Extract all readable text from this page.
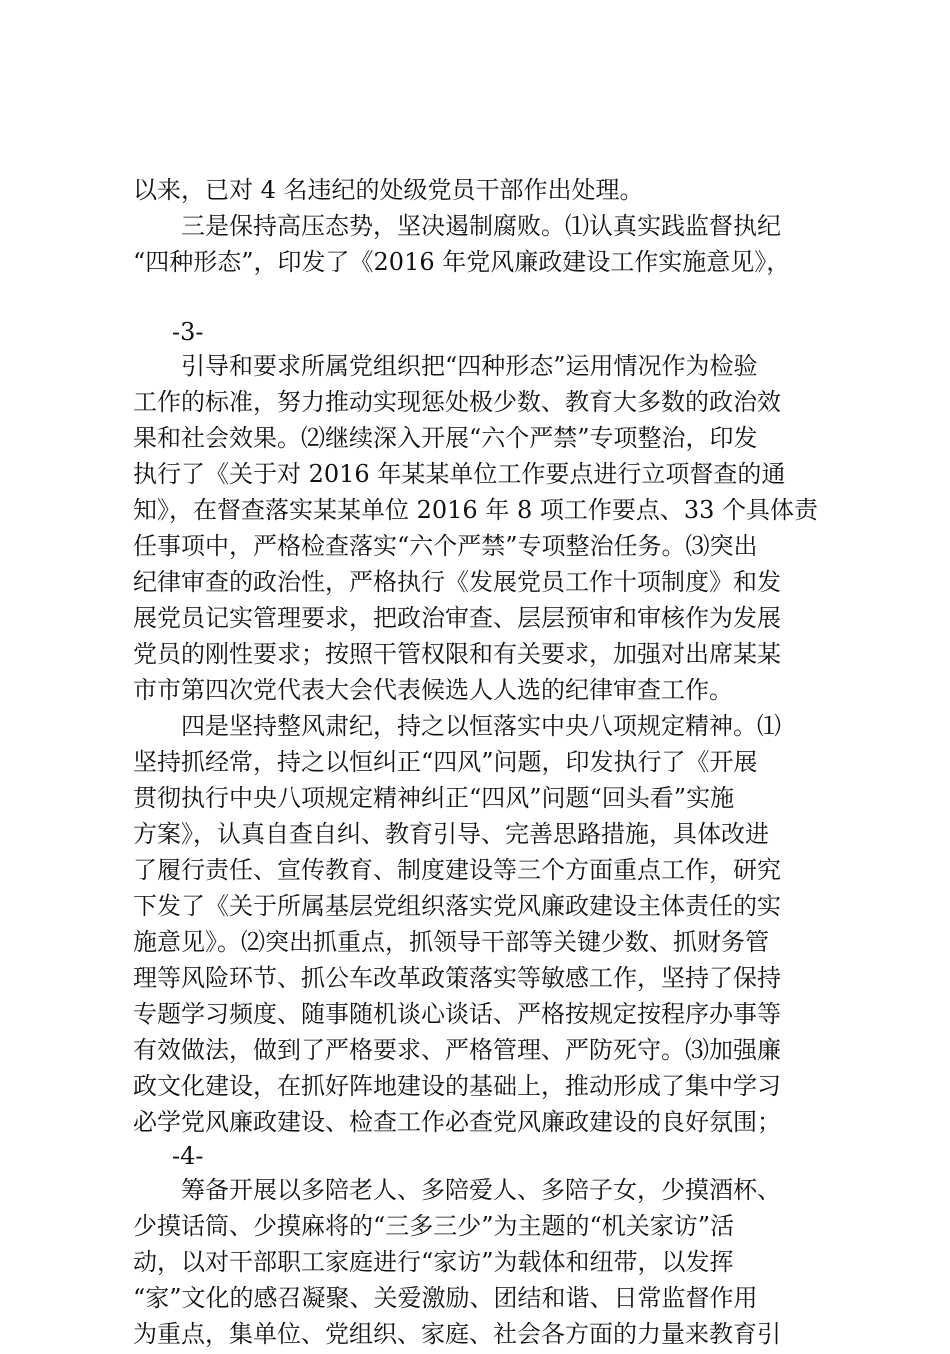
以来，已对 4 名违纪的处级党员干部作出处理。
三是保持高压态势，坚决遏制腐败。⑴认真实践监督执纪
“四种形态”，印发了《2016 年党风廉政建设工作实施意见》，
-3-
引导和要求所属党组织把“四种形态”运用情况作为检验
工作的标准，努力推动实现惩处极少数、教育大多数的政治效
果和社会效果。⑵继续深入开展“六个严禁”专项整治，印发
执行了《关于对 2016 年某某单位工作要点进行立项督查的通
知》，在督查落实某某单位 2016 年 8 项工作要点、33 个具体责
任事项中，严格检查落实“六个严禁”专项整治任务。⑶突出
纪律审查的政治性，严格执行《发展党员工作十项制度》和发
展党员记实管理要求，把政治审查、层层预审和审核作为发展
党员的刚性要求；按照干管权限和有关要求，加强对出席某某
市市第四次党代表大会代表候选人人选的纪律审查工作。
四是坚持整风肃纪，持之以恒落实中央八项规定精神。⑴
坚持抓经常，持之以恒纠正“四风”问题，印发执行了《开展
贯彻执行中央八项规定精神纠正“四风”问题“回头看”实施
方案》，认真自查自纠、教育引导、完善思路措施，具体改进
了履行责任、宣传教育、制度建设等三个方面重点工作，研究
下发了《关于所属基层党组织落实党风廉政建设主体责任的实
施意见》。⑵突出抓重点，抓领导干部等关键少数、抓财务管
理等风险环节、抓公车改革政策落实等敏感工作，坚持了保持
专题学习频度、随事随机谈心谈话、严格按规定按程序办事等
有效做法，做到了严格要求、严格管理、严防死守。⑶加强廉
政文化建设，在抓好阵地建设的基础上，推动形成了集中学习
必学党风廉政建设、检查工作必查党风廉政建设的良好氛围；
-4-
筹备开展以多陪老人、多陪爱人、多陪子女，少摸酒杯、
少摸话筒、少摸麻将的“三多三少”为主题的“机关家访”活
动，以对干部职工家庭进行“家访”为载体和纽带，以发挥
“家”文化的感召凝聚、关爱激励、团结和谐、日常监督作用
为重点，集单位、党组织、家庭、社会各方面的力量来教育引
